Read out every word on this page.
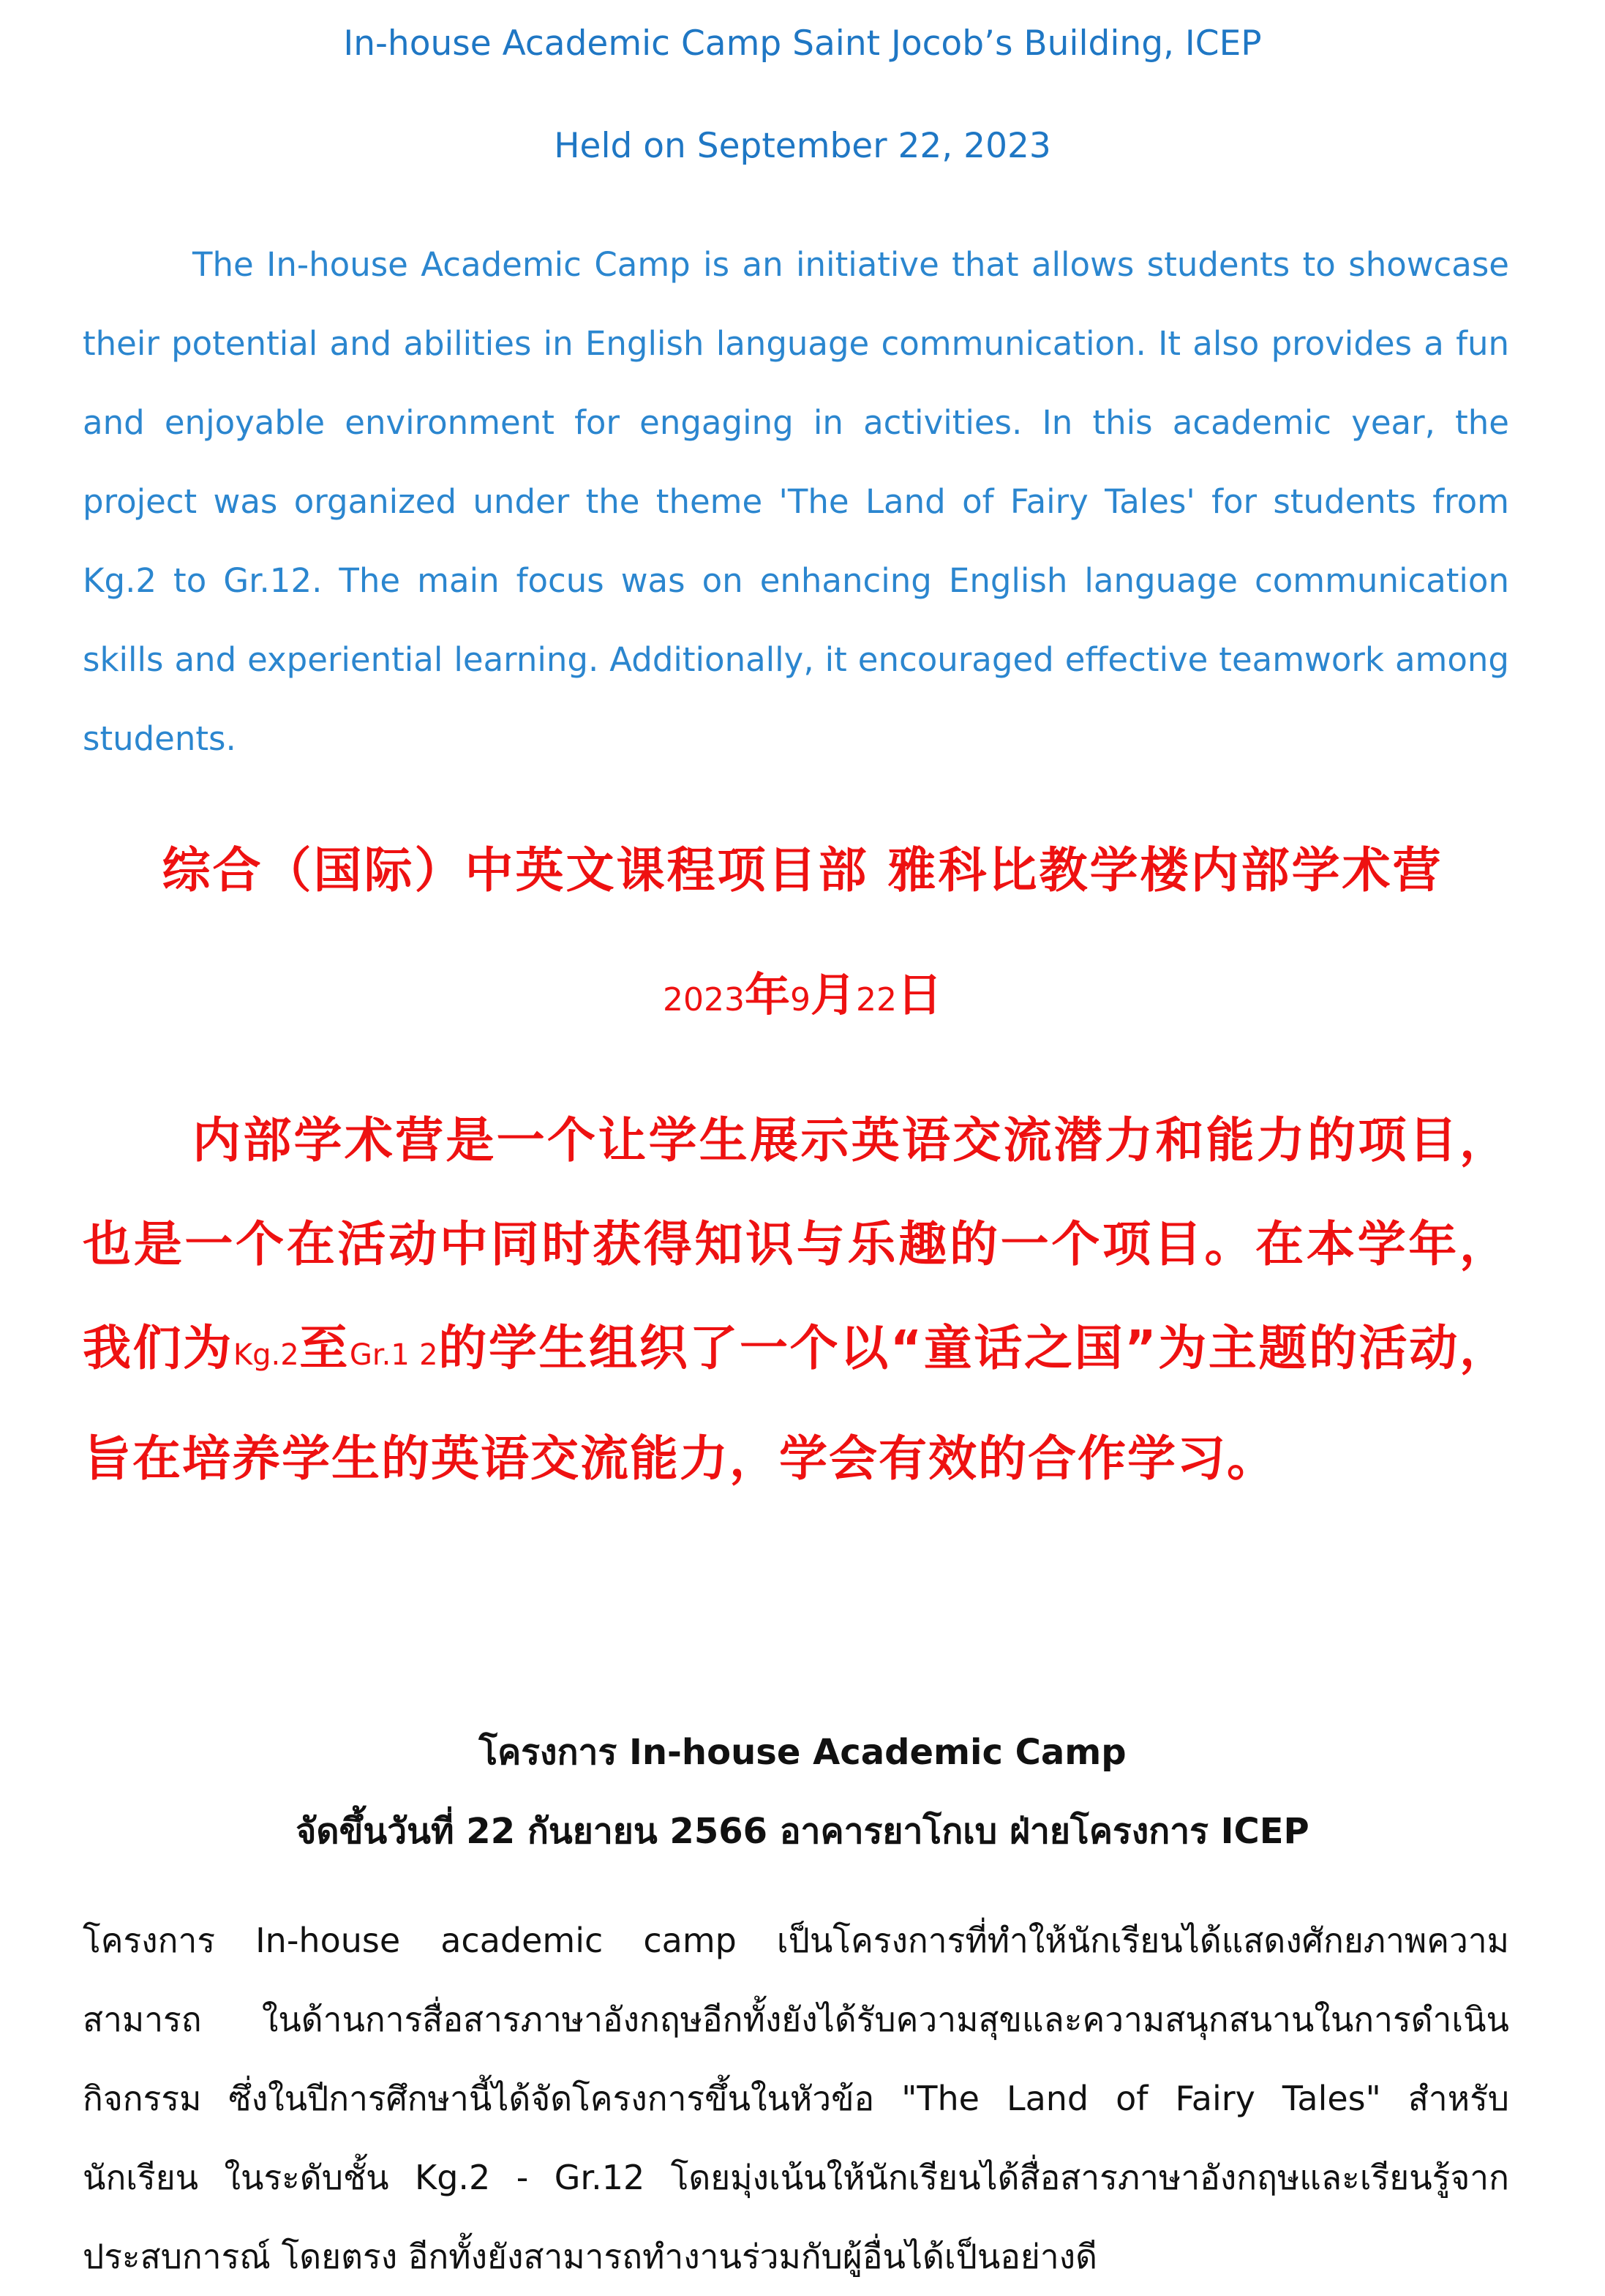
In-house Academic Camp Saint Jocob’s Building, ICEP
Held on September 22, 2023
The In-house Academic Camp is an initiative that allows students to showcase their potential and abilities in English language communication. It also provides a fun and enjoyable environment for engaging in activities. In this academic year, the project was organized under the theme 'The Land of Fairy Tales' for students from Kg.2 to Gr.12. The main focus was on enhancing English language communication skills and experiential learning. Additionally, it encouraged effective teamwork among students.
综合（国际）中英文课程项目部 雅科比教学楼内部学术营
2023年9月22日
内部学术营是一个让学生展示英语交流潜力和能力的项目，也是一个在活动中同时获得知识与乐趣的一个项目。在本学年，我们为Kg.2至Gr.1 2的学生组织了一个以“童话之国”为主题的活动，旨在培养学生的英语交流能力，学会有效的合作学习。
โครงการ In-house Academic Camp
จัดขึ้นวันที่ 22 กันยายน 2566 อาคารยาโกเบ ฝ่ายโครงการ ICEP
โครงการ In-house academic camp เป็นโครงการที่ทำให้นักเรียนได้แสดงศักยภาพความสามารถ ในด้านการสื่อสารภาษาอังกฤษอีกทั้งยังได้รับความสุขและความสนุกสนานในการดำเนินกิจกรรม ซึ่งในปีการศึกษานี้ได้จัดโครงการขึ้นในหัวข้อ "The Land of Fairy Tales" สำหรับนักเรียน ในระดับชั้น Kg.2 - Gr.12 โดยมุ่งเน้นให้นักเรียนได้สื่อสารภาษาอังกฤษและเรียนรู้จากประสบการณ์ โดยตรง อีกทั้งยังสามารถทำงานร่วมกับผู้อื่นได้เป็นอย่างดี
